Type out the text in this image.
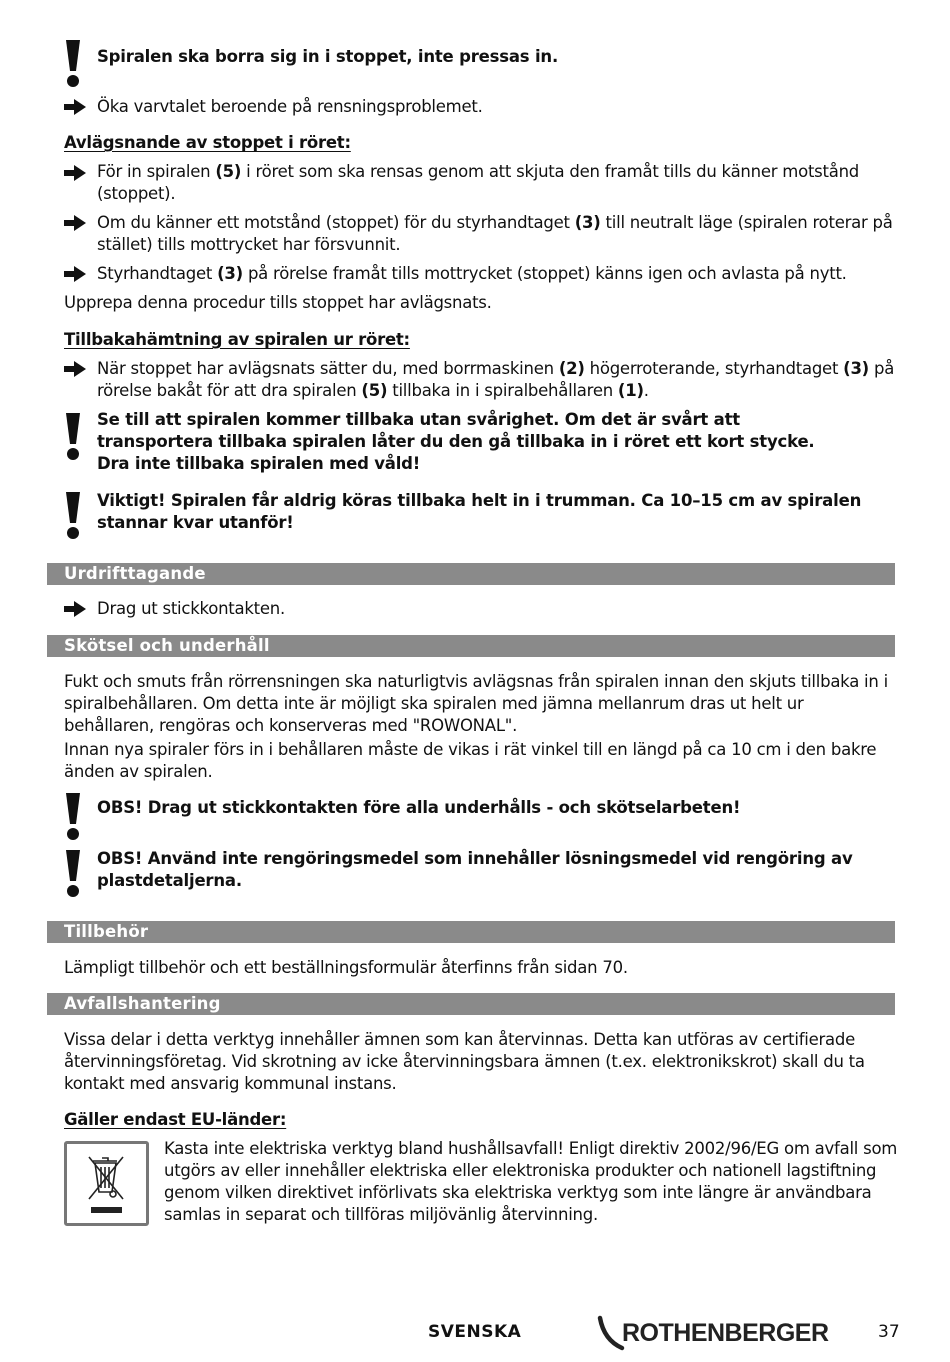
Spiralen ska borra sig in i stoppet, inte pressas in.
Öka varvtalet beroende på rensningsproblemet.
Avlägsnande av stoppet i röret:
För in spiralen (5) i röret som ska rensas genom att skjuta den framåt tills du känner motstånd (stoppet).
Om du känner ett motstånd (stoppet) för du styrhandtaget (3) till neutralt läge (spiralen roterar på stället) tills mottrycket har försvunnit.
Styrhandtaget (3) på rörelse framåt tills mottrycket (stoppet) känns igen och avlasta på nytt.
Upprepa denna procedur tills stoppet har avlägsnats.
Tillbakahämtning av spiralen ur röret:
När stoppet har avlägsnats sätter du, med borrmaskinen (2) högerroterande, styrhandtaget (3) på rörelse bakåt för att dra spiralen (5) tillbaka in i spiralbehållaren (1).
Se till att spiralen kommer tillbaka utan svårighet. Om det är svårt att
transportera tillbaka spiralen låter du den gå tillbaka in i röret ett kort stycke.
Dra inte tillbaka spiralen med våld!
Viktigt! Spiralen får aldrig köras tillbaka helt in i trumman. Ca 10–15 cm av spiralen
stannar kvar utanför!
Urdrifttagande
Drag ut stickkontakten.
Skötsel och underhåll
Fukt och smuts från rörrensningen ska naturligtvis avlägsnas från spiralen innan den skjuts tillbaka in i spiralbehållaren. Om detta inte är möjligt ska spiralen med jämna mellanrum dras ut helt ur behållaren, rengöras och konserveras med "ROWONAL".
Innan nya spiraler förs in i behållaren måste de vikas i rät vinkel till en längd på ca 10 cm i den bakre änden av spiralen.
OBS! Drag ut stickkontakten före alla underhålls - och skötselarbeten!
OBS! Använd inte rengöringsmedel som innehåller lösningsmedel vid rengöring av plastdetaljerna.
Tillbehör
Lämpligt tillbehör och ett beställningsformulär återfinns från sidan 70.
Avfallshantering
Vissa delar i detta verktyg innehåller ämnen som kan återvinnas. Detta kan utföras av certifierade återvinningsföretag. Vid skrotning av icke återvinningsbara ämnen (t.ex. elektronikskrot) skall du ta kontakt med ansvarig kommunal instans.
Gäller endast EU-länder:
Kasta inte elektriska verktyg bland hushållsavfall! Enligt direktiv 2002/96/EG om avfall som utgörs av eller innehåller elektriska eller elektroniska produkter och nationell lagstiftning genom vilken direktivet införlivats ska elektriska verktyg som inte längre är användbara samlas in separat och tillföras miljövänlig återvinning.
SVENSKA	ROTHENBERGER	37
